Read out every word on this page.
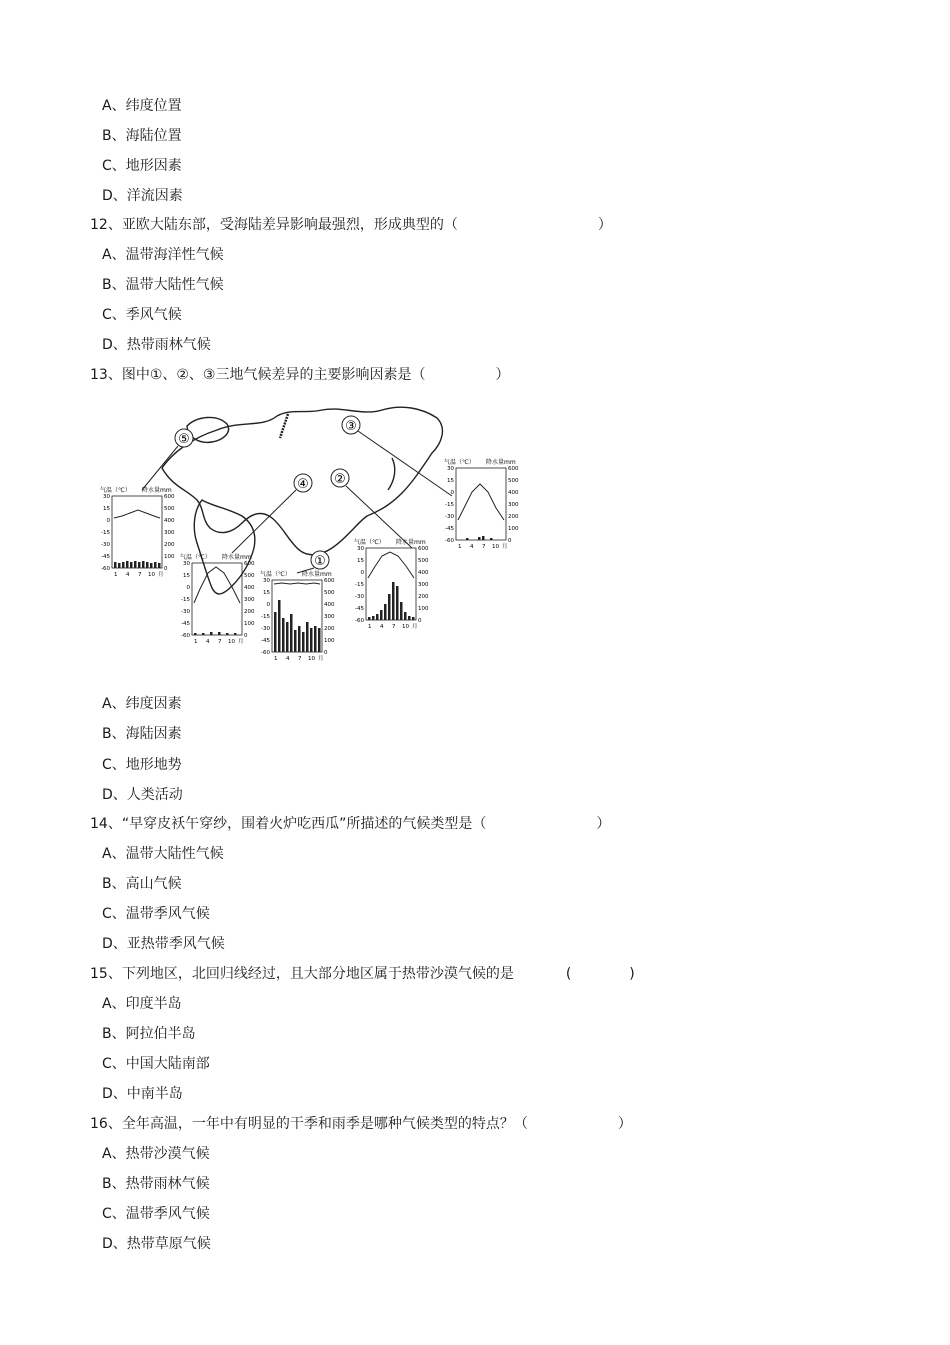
A、纬度位置
B、海陆位置
C、地形因素
D、洋流因素
12、亚欧大陆东部，受海陆差异影响最强烈，形成典型的（	）
A、温带海洋性气候
B、温带大陆性气候
C、季风气候
D、热带雨林气候
13、图中①、②、③三地气候差异的主要影响因素是（	）
⑤
④ ②
③
①
气温（℃） 降水量mm
30
15
0
-15
-30
-45
-60
600
500
400
300
200
100
0
1 4 7 10 月
气温（℃） 降水量mm
30
15
0
-15
-30
-45
-60
600
500
400
300
200
100
0
1 4 7 10 月
气温（℃） 降水量mm
30
15
0
-15
-30
-45
-60
600
500
400
300
200
100
0
1 4 7 10 月
气温（℃） 降水量mm
30
15
0
-15
-30
-45
-60
600
500
400
300
200
100
0
1 4 7 10 月
气温（℃） 降水量mm
30
15
0
-15
-30
-45
-60
600
500
400
300
200
100
0
1 4 7 10 月
A、纬度因素
B、海陆因素
C、地形地势
D、人类活动
14、“早穿皮袄午穿纱，围着火炉吃西瓜”所描述的气候类型是（	）
A、温带大陆性气候
B、高山气候
C、温带季风气候
D、亚热带季风气候
15、下列地区，北回归线经过，且大部分地区属于热带沙漠气候的是	(	)
A、印度半岛
B、阿拉伯半岛
C、中国大陆南部
D、中南半岛
16、全年高温，一年中有明显的干季和雨季是哪种气候类型的特点？（	）
A、热带沙漠气候
B、热带雨林气候
C、温带季风气候
D、热带草原气候
